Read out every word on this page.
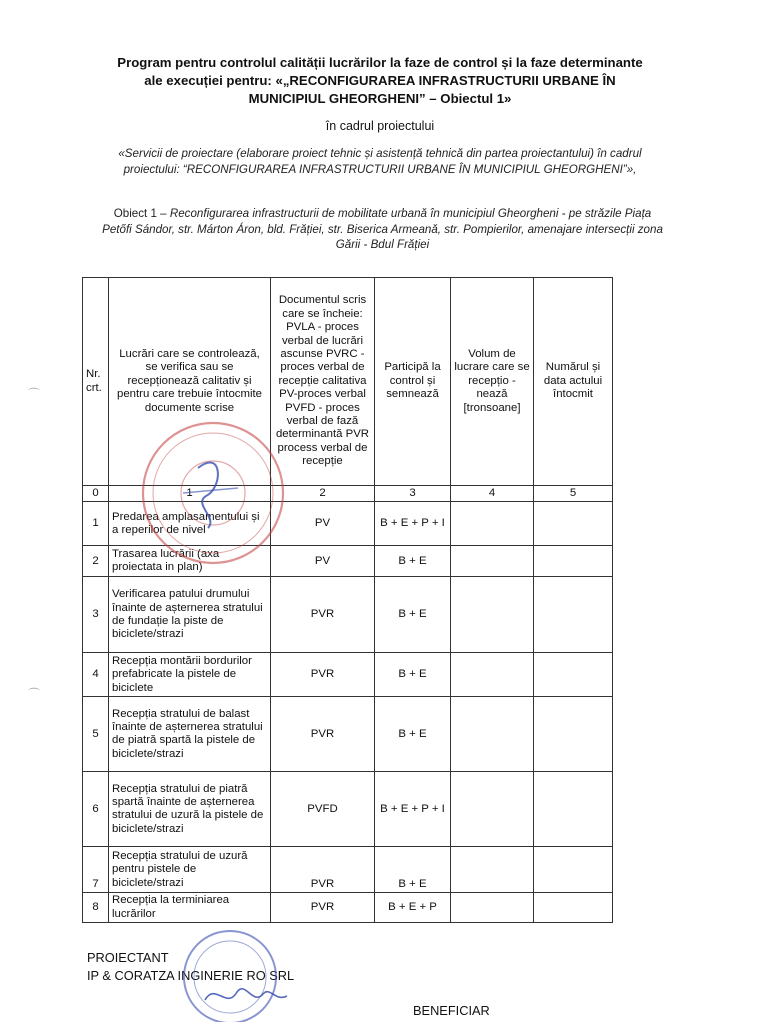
Program pentru controlul calității lucrărilor la faze de control și la faze determinante
ale execuției pentru: «„RECONFIGURAREA INFRASTRUCTURII URBANE ÎN
MUNICIPIUL GHEORGHENI” – Obiectul 1»
în cadrul proiectului
«Servicii de proiectare (elaborare proiect tehnic și asistență tehnică din partea proiectantului) în cadrul proiectului: “RECONFIGURAREA INFRASTRUCTURII URBANE ÎN MUNICIPIUL GHEORGHENI”»,
Obiect 1 – Reconfigurarea infrastructurii de mobilitate urbană în municipiul Gheorgheni - pe străzile Piața Petőfi Sándor, str. Márton Áron, bld. Frăției, str. Biserica Armeană, str. Pompierilor, amenajare intersecții zona Gării - Bdul Frăției
Nr. crt.	Lucrări care se controlează, se verifica sau se recepționează calitativ și pentru care trebuie întocmite documente scrise	Documentul scris care se încheie: PVLA - proces verbal de lucrări ascunse PVRC -proces verbal de recepție calitativa PV-proces verbal PVFD - proces verbal de fază determinantă PVR process verbal de recepție	Participă la control și semnează	Volum de lucrare care se recepțio - nează [tronsoane]	Numărul și data actului întocmit
0	1	2	3	4	5
1	Predarea amplasamentului și a reperilor de nivel	PV	B + E + P + I		
2	Trasarea lucrării (axa proiectata in plan)	PV	B + E		
3	Verificarea patului drumului înainte de așternerea stratului de fundație la piste de biciclete/strazi	PVR	B + E		
4	Recepția montării bordurilor prefabricate la pistele de biciclete	PVR	B + E		
5	Recepția stratului de balast înainte de așternerea stratului de piatră spartă la pistele de biciclete/strazi	PVR	B + E		
6	Recepția stratului de piatră spartă înainte de așternerea stratului de uzură la pistele de biciclete/strazi	PVFD	B + E + P + I		
7	Recepția stratului de uzură pentru pistele de biciclete/strazi	PVR	B + E		
8	Recepția la terminiarea lucrărilor	PVR	B + E + P		
⌒
⌒
PROIECTANT
IP & CORATZA INGINERIE RO SRL
BENEFICIAR
